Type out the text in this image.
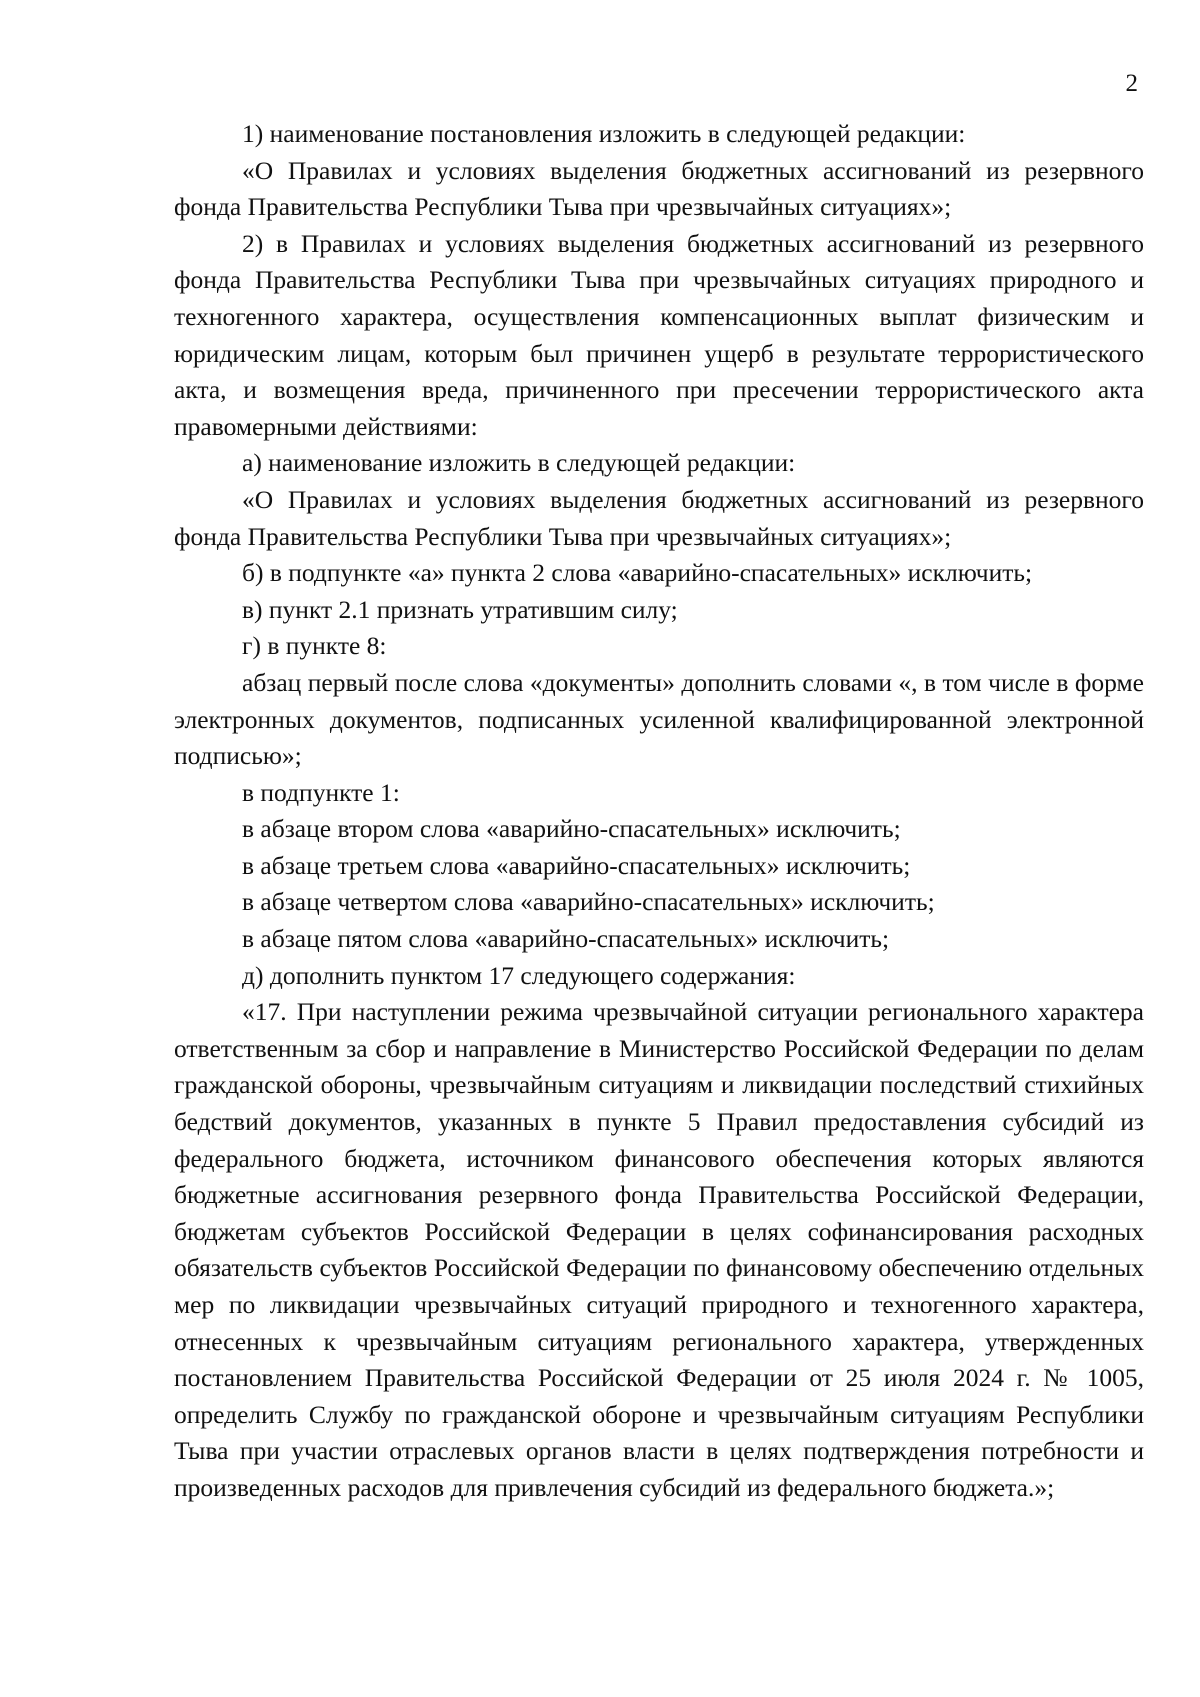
2

1) наименование постановления изложить в следующей редакции:

«О Правилах и условиях выделения бюджетных ассигнований из резервного фонда Правительства Республики Тыва при чрезвычайных ситуациях»;

2) в Правилах и условиях выделения бюджетных ассигнований из резервного фонда Правительства Республики Тыва при чрезвычайных ситуациях природного и техногенного характера, осуществления компенсационных выплат физическим и юридическим лицам, которым был причинен ущерб в результате террористического акта, и возмещения вреда, причиненного при пресечении террористического акта правомерными действиями:

а) наименование изложить в следующей редакции:

«О Правилах и условиях выделения бюджетных ассигнований из резервного фонда Правительства Республики Тыва при чрезвычайных ситуациях»;

б) в подпункте «а» пункта 2 слова «аварийно-спасательных» исключить;

в) пункт 2.1 признать утратившим силу;

г) в пункте 8:

абзац первый после слова «документы» дополнить словами «, в том числе в форме электронных документов, подписанных усиленной квалифицированной электронной подписью»;

в подпункте 1:

в абзаце втором слова «аварийно-спасательных» исключить;

в абзаце третьем слова «аварийно-спасательных» исключить;

в абзаце четвертом слова «аварийно-спасательных» исключить;

в абзаце пятом слова «аварийно-спасательных» исключить;

д) дополнить пунктом 17 следующего содержания:

«17. При наступлении режима чрезвычайной ситуации регионального характера ответственным за сбор и направление в Министерство Российской Федерации по делам гражданской обороны, чрезвычайным ситуациям и ликвидации последствий стихийных бедствий документов, указанных в пункте 5 Правил предоставления субсидий из федерального бюджета, источником финансового обеспечения которых являются бюджетные ассигнования резервного фонда Правительства Российской Федерации, бюджетам субъектов Российской Федерации в целях софинансирования расходных обязательств субъектов Российской Федерации по финансовому обеспечению отдельных мер по ликвидации чрезвычайных ситуаций природного и техногенного характера, отнесенных к чрезвычайным ситуациям регионального характера, утвержденных постановлением Правительства Российской Федерации от 25 июля 2024 г. № 1005, определить Службу по гражданской обороне и чрезвычайным ситуациям Республики Тыва при участии отраслевых органов власти в целях подтверждения потребности и произведенных расходов для привлечения субсидий из федерального бюджета.»;
